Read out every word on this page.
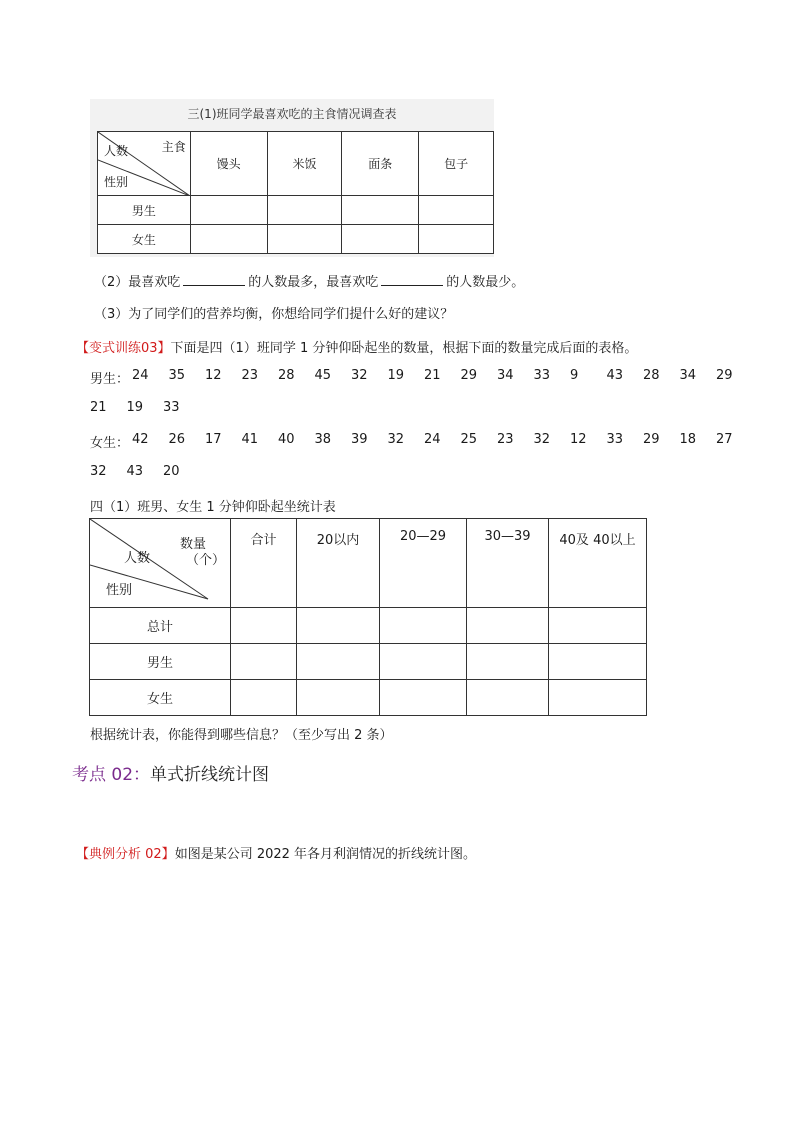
三(1)班同学最喜欢吃的主食情况调查表
主食
人数
性别	馒头	米饭	面条	包子
男生				
女生				
（2）最喜欢吃	的人数最多，最喜欢吃	的人数最少。
（3）为了同学们的营养均衡，你想给同学们提什么好的建议？
【变式训练03】下面是四（1）班同学 1 分钟仰卧起坐的数量，根据下面的数量完成后面的表格。
男生： 24 35 12 23 28 45 32 19 21 29 34 33 9 43 28 34 29
21 19 33
女生： 42 26 17 41 40 38 39 32 24 25 23 32 12 33 29 18 27
32 43 20
四（1）班男、女生 1 分钟仰卧起坐统计表
数量
（个）
人数
性别	合计	20以内	20—29	30—39	40及 40以上
总计					
男生					
女生					
根据统计表，你能得到哪些信息？（至少写出 2 条）
考点 02：单式折线统计图
【典例分析 02】如图是某公司 2022 年各月利润情况的折线统计图。
